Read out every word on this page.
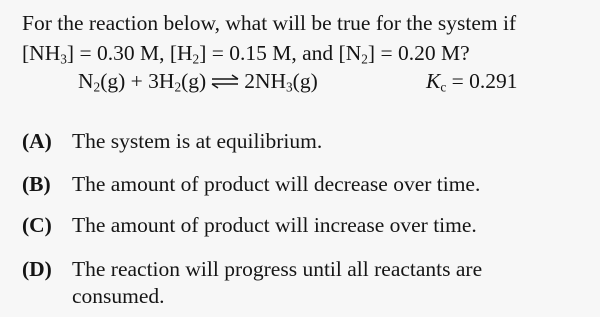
For the reaction below, what will be true for the system if
$[NH_3] = 0.30$ M, $[H_2] = 0.15$ M, and $[N_2] = 0.20$ M?
$N_2(g) + 3H_2(g)$ ⇌ $2NH_3(g)$	$K_c = 0.291$
(A) The system is at equilibrium.
(B) The amount of product will decrease over time.
(C) The amount of product will increase over time.
(D) The reaction will progress until all reactants are consumed.
